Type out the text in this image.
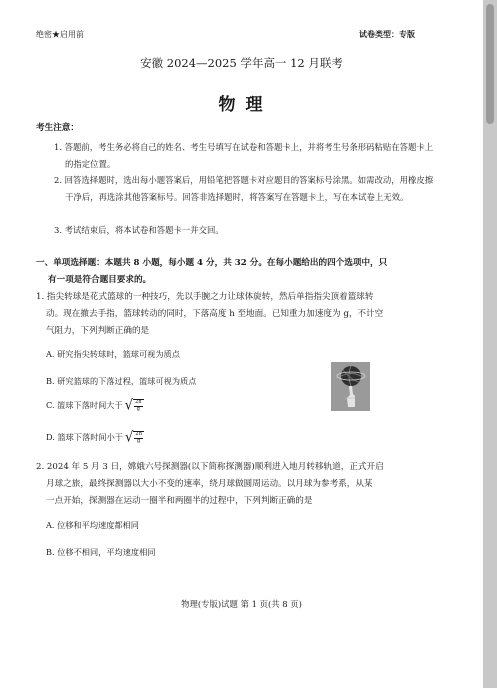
绝密★启用前	试卷类型：专版
安徽 2024—2025 学年高一 12 月联考
物 理
考生注意：
1. 答题前，考生务必将自己的姓名、考生号填写在试卷和答题卡上，并将考生号条形码粘贴在答题卡上的指定位置。
2. 回答选择题时，选出每小题答案后，用铅笔把答题卡对应题目的答案标号涂黑。如需改动，用橡皮擦干净后，再选涂其他答案标号。回答非选择题时，将答案写在答题卡上，写在本试卷上无效。
3. 考试结束后，将本试卷和答题卡一并交回。
一、单项选择题：本题共 8 小题，每小题 4 分，共 32 分。在每小题给出的四个选项中，只
有一项是符合题目要求的。
1. 指尖转球是花式篮球的一种技巧，先以手腕之力让球体旋转，然后单指指尖顶着篮球转
动。现在撤去手指，篮球转动的同时，下落高度 h 至地面。已知重力加速度为 g，不计空
气阻力，下列判断正确的是
A. 研究指尖转球时，篮球可视为质点
B. 研究篮球的下落过程，篮球可视为质点
C. 篮球下落时间大于 √ $\frac{2h}{g}$
D. 篮球下落时间小于 √ $\frac{2h}{g}$
2. 2024 年 5 月 3 日，嫦娥六号探测器(以下简称探测器)顺利进入地月转移轨道，正式开启
月球之旅，最终探测器以大小不变的速率，绕月球做圆周运动。以月球为参考系，从某
一点开始，探测器在运动一圈半和两圈半的过程中，下列判断正确的是
A. 位移和平均速度都相同
B. 位移不相同，平均速度相同
物理(专版)试题 第 1 页(共 8 页)
